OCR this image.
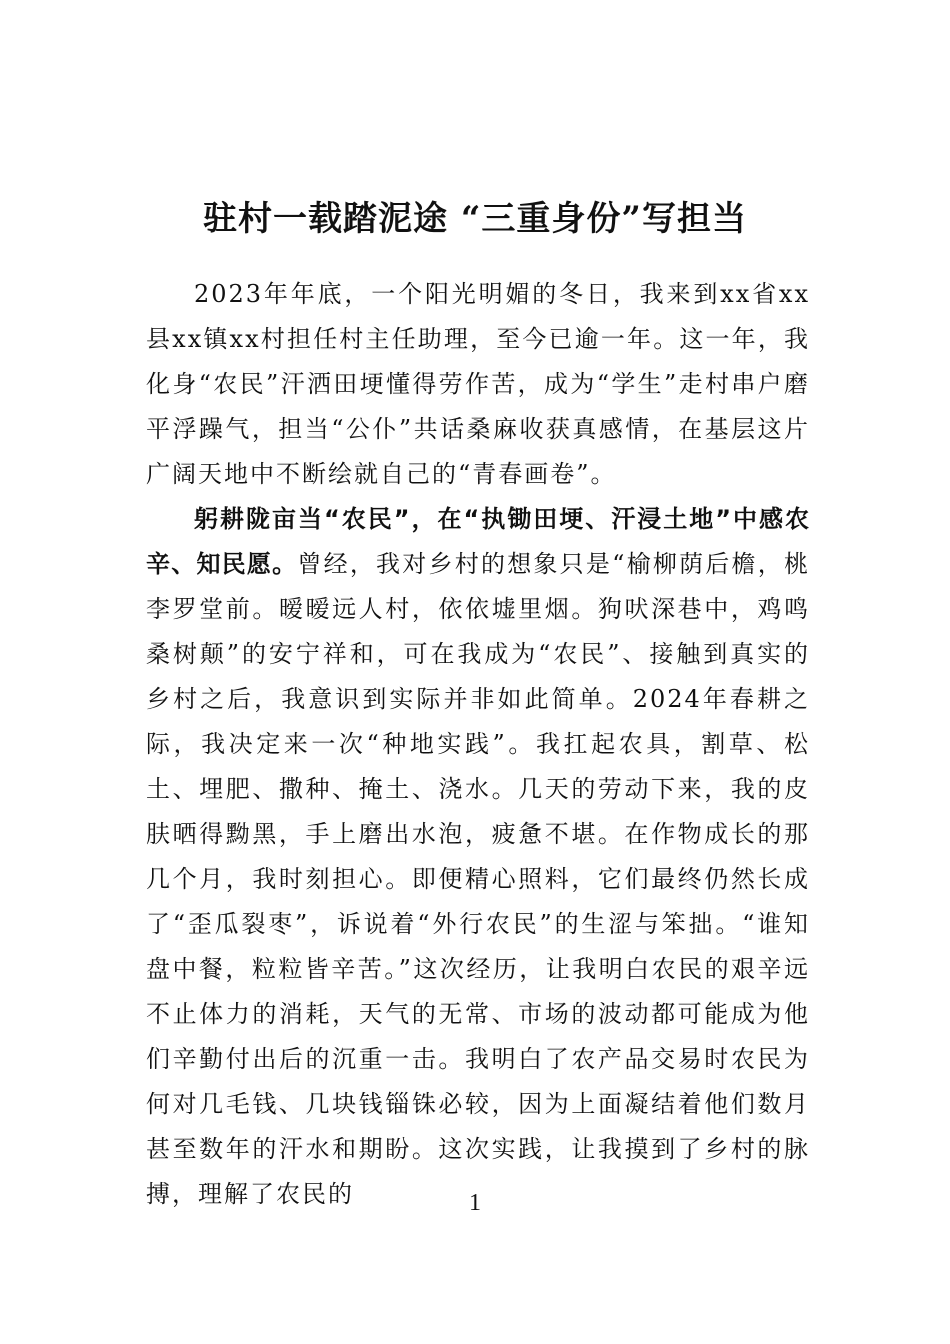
驻村一载踏泥途 “三重身份”写担当

2023年年底，一个阳光明媚的冬日，我来到xx省xx县xx镇xx村担任村主任助理，至今已逾一年。这一年，我化身“农民”汗洒田埂懂得劳作苦，成为“学生”走村串户磨平浮躁气，担当“公仆”共话桑麻收获真感情，在基层这片广阔天地中不断绘就自己的“青春画卷”。

躬耕陇亩当“农民”，在“执锄田埂、汗浸土地”中感农辛、知民愿。曾经，我对乡村的想象只是“榆柳荫后檐，桃李罗堂前。暧暧远人村，依依墟里烟。狗吠深巷中，鸡鸣桑树颠”的安宁祥和，可在我成为“农民”、接触到真实的乡村之后，我意识到实际并非如此简单。2024年春耕之际，我决定来一次“种地实践”。我扛起农具，割草、松土、埋肥、撒种、掩土、浇水。几天的劳动下来，我的皮肤晒得黝黑，手上磨出水泡，疲惫不堪。在作物成长的那几个月，我时刻担心。即便精心照料，它们最终仍然长成了“歪瓜裂枣”，诉说着“外行农民”的生涩与笨拙。“谁知盘中餐，粒粒皆辛苦。”这次经历，让我明白农民的艰辛远不止体力的消耗，天气的无常、市场的波动都可能成为他们辛勤付出后的沉重一击。我明白了农产品交易时农民为何对几毛钱、几块钱锱铢必较，因为上面凝结着他们数月甚至数年的汗水和期盼。这次实践，让我摸到了乡村的脉搏，理解了农民的	1
